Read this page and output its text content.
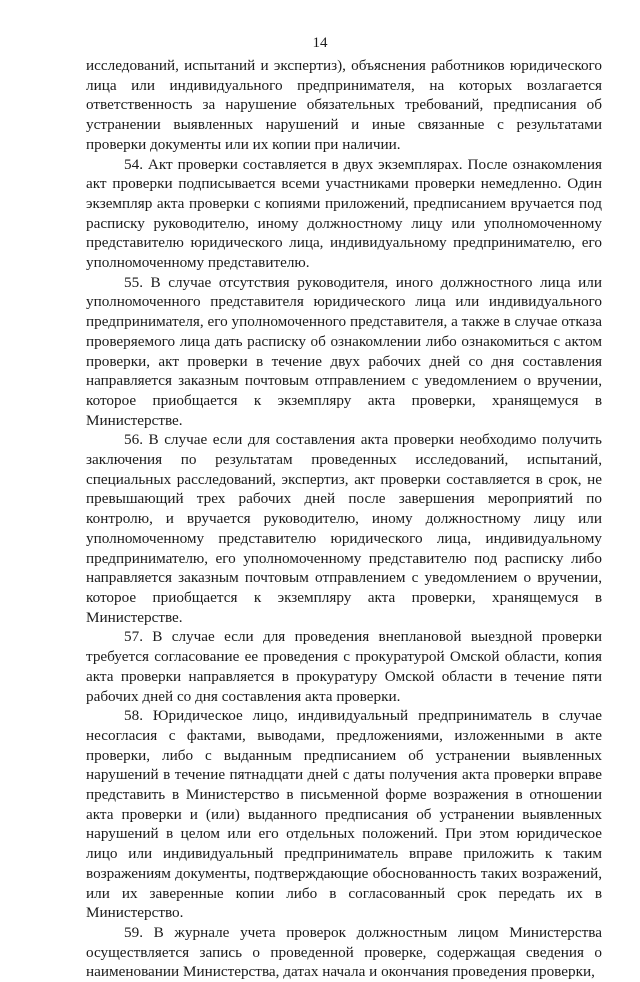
14

исследований, испытаний и экспертиз), объяснения работников юридического лица или индивидуального предпринимателя, на которых возлагается ответственность за нарушение обязательных требований, предписания об устранении выявленных нарушений и иные связанные с результатами проверки документы или их копии при наличии.

54. Акт проверки составляется в двух экземплярах. После ознакомления акт проверки подписывается всеми участниками проверки немедленно. Один экземпляр акта проверки с копиями приложений, предписанием вручается под расписку руководителю, иному должностному лицу или уполномоченному представителю юридического лица, индивидуальному предпринимателю, его уполномоченному представителю.

55. В случае отсутствия руководителя, иного должностного лица или уполномоченного представителя юридического лица или индивидуального предпринимателя, его уполномоченного представителя, а также в случае отказа проверяемого лица дать расписку об ознакомлении либо ознакомиться с актом проверки, акт проверки в течение двух рабочих дней со дня составления направляется заказным почтовым отправлением с уведомлением о вручении, которое приобщается к экземпляру акта проверки, хранящемуся в Министерстве.

56. В случае если для составления акта проверки необходимо получить заключения по результатам проведенных исследований, испытаний, специальных расследований, экспертиз, акт проверки составляется в срок, не превышающий трех рабочих дней после завершения мероприятий по контролю, и вручается руководителю, иному должностному лицу или уполномоченному представителю юридического лица, индивидуальному предпринимателю, его уполномоченному представителю под расписку либо направляется заказным почтовым отправлением с уведомлением о вручении, которое приобщается к экземпляру акта проверки, хранящемуся в Министерстве.

57. В случае если для проведения внеплановой выездной проверки требуется согласование ее проведения с прокуратурой Омской области, копия акта проверки направляется в прокуратуру Омской области в течение пяти рабочих дней со дня составления акта проверки.

58. Юридическое лицо, индивидуальный предприниматель в случае несогласия с фактами, выводами, предложениями, изложенными в акте проверки, либо с выданным предписанием об устранении выявленных нарушений в течение пятнадцати дней с даты получения акта проверки вправе представить в Министерство в письменной форме возражения в отношении акта проверки и (или) выданного предписания об устранении выявленных нарушений в целом или его отдельных положений. При этом юридическое лицо или индивидуальный предприниматель вправе приложить к таким возражениям документы, подтверждающие обоснованность таких возражений, или их заверенные копии либо в согласованный срок передать их в Министерство.

59. В журнале учета проверок должностным лицом Министерства осуществляется запись о проведенной проверке, содержащая сведения о наименовании Министерства, датах начала и окончания проведения проверки,
